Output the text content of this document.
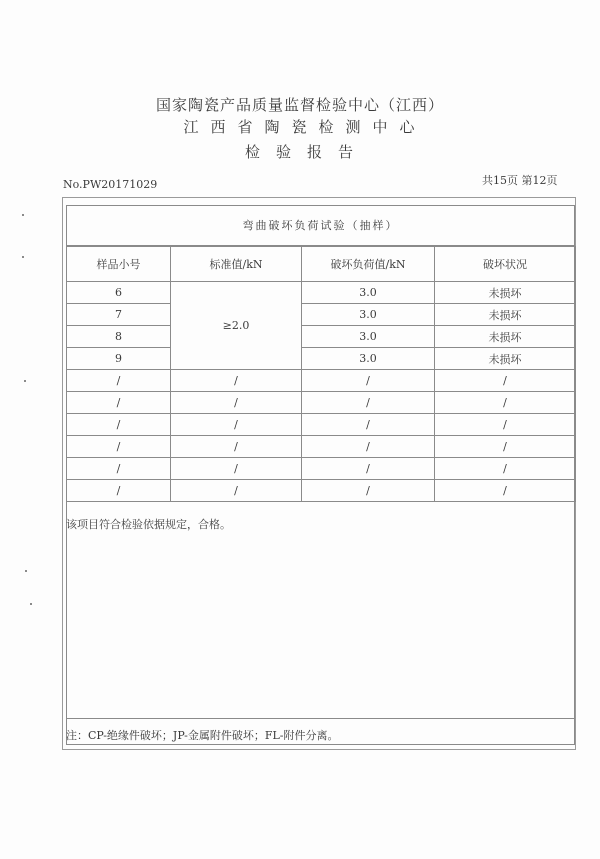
国家陶瓷产品质量监督检验中心（江西）
江西省陶瓷检测中心
检验报告
No.PW20171029	共15页 第12页
弯曲破坏负荷试验（抽样）
样品小号	标准值/kN	破坏负荷值/kN	破坏状况
6	≥2.0	3.0	未损坏
7		3.0	未损坏
8		3.0	未损坏
9		3.0	未损坏
/	/	/	/
/	/	/	/
/	/	/	/
/	/	/	/
/	/	/	/
/	/	/	/
该项目符合检验依据规定，合格。
注：CP-绝缘件破坏；JP-金属附件破坏；FL-附件分离。
